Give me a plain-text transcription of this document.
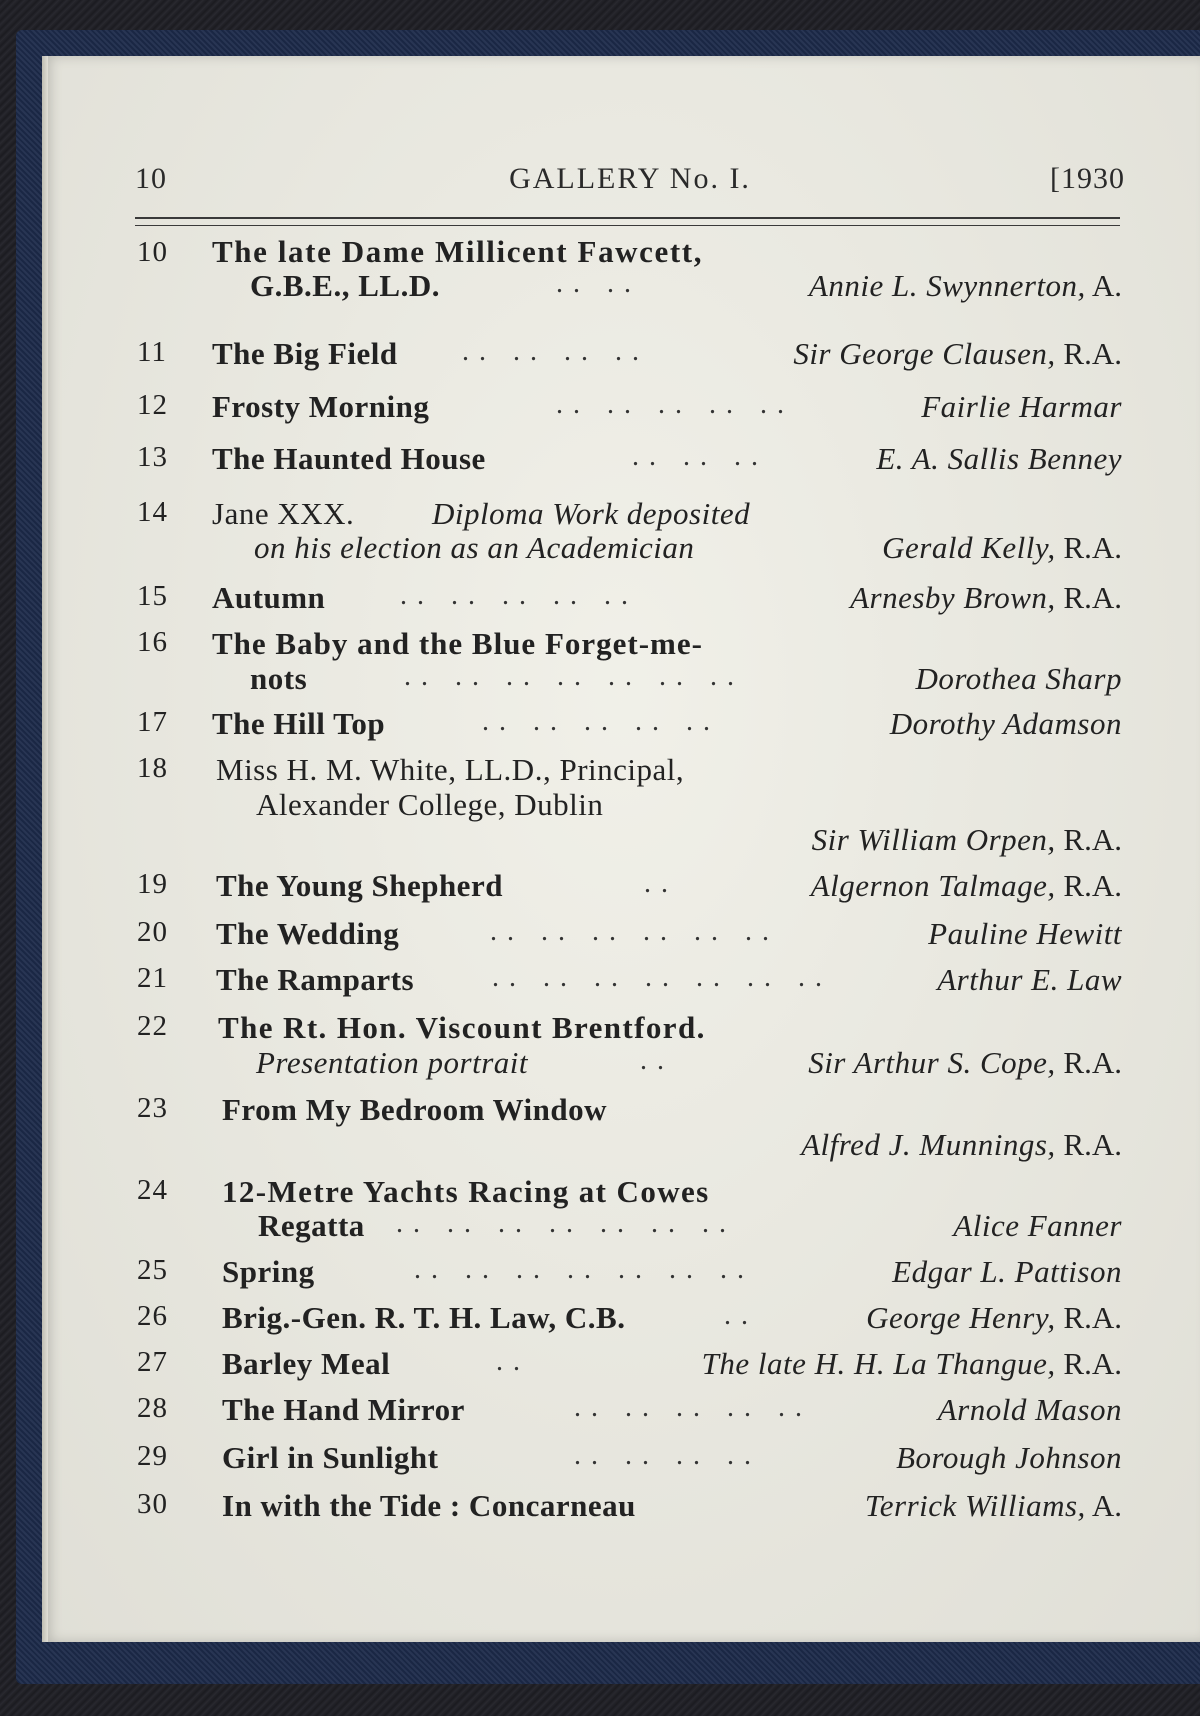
10	GALLERY No. I.	[1930
10 The late Dame Millicent Fawcett,
G.B.E., LL.D.	.. ..	Annie L. Swynnerton, A.
11 The Big Field .. .. .. ..	Sir George Clausen, R.A.
12 Frosty Morning	.. .. .. .. ..	Fairlie Harmar
13 The Haunted House	.. .. ..	E. A. Sallis Benney
14 Jane XXX.	Diploma Work deposited
on his election as an Academician	Gerald Kelly, R.A.
15 Autumn	.. .. .. .. ..	Arnesby Brown, R.A.
16 The Baby and the Blue Forget-me-
nots	.. .. .. .. .. .. ..	Dorothea Sharp
17 The Hill Top	.. .. .. .. ..	Dorothy Adamson
18 Miss H. M. White, LL.D., Principal,
Alexander College, Dublin
Sir William Orpen, R.A.
19 The Young Shepherd	..	Algernon Talmage, R.A.
20 The Wedding	.. .. .. .. .. ..	Pauline Hewitt
21 The Ramparts	.. .. .. .. .. .. ..	Arthur E. Law
22 The Rt. Hon. Viscount Brentford.
Presentation portrait	..	Sir Arthur S. Cope, R.A.
23 From My Bedroom Window
Alfred J. Munnings, R.A.
24 12-Metre Yachts Racing at Cowes
Regatta .. .. .. .. .. .. ..	Alice Fanner
25 Spring	.. .. .. .. .. .. ..	Edgar L. Pattison
26 Brig.-Gen. R. T. H. Law, C.B.	..	George Henry, R.A.
27 Barley Meal	..	The late H. H. La Thangue, R.A.
28 The Hand Mirror	.. .. .. .. ..	Arnold Mason
29 Girl in Sunlight	.. .. .. ..	Borough Johnson
30 In with the Tide : Concarneau	Terrick Williams, A.
